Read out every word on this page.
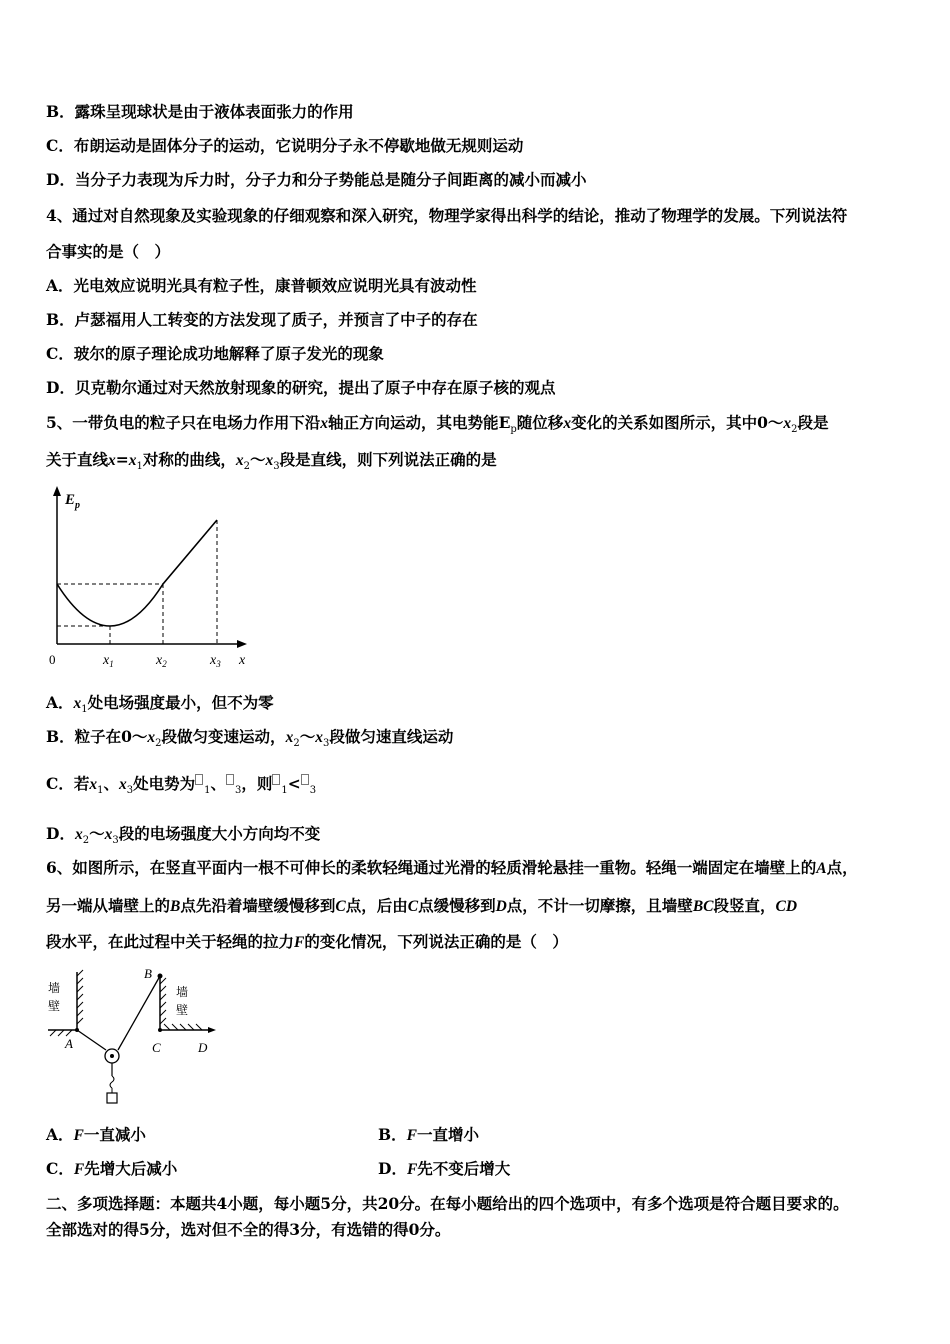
B．露珠呈现球状是由于液体表面张力的作用
C．布朗运动是固体分子的运动，它说明分子永不停歇地做无规则运动
D．当分子力表现为斥力时，分子力和分子势能总是随分子间距离的减小而减小
4、通过对自然现象及实验现象的仔细观察和深入研究，物理学家得出科学的结论，推动了物理学的发展。下列说法符
合事实的是（　）
A．光电效应说明光具有粒子性，康普顿效应说明光具有波动性
B．卢瑟福用人工转变的方法发现了质子，并预言了中子的存在
C．玻尔的原子理论成功地解释了原子发光的现象
D．贝克勒尔通过对天然放射现象的研究，提出了原子中存在原子核的观点
5、一带负电的粒子只在电场力作用下沿x轴正方向运动，其电势能$E_p$随位移x变化的关系如图所示，其中$0\sim x_2$段是
关于直线$x=x_1$对称的曲线，$x_2\sim x_3$段是直线，则下列说法正确的是
$E_p$
0	$x_1$	$x_2$	$x_3$ x
A．$x_1$处电场强度最小，但不为零
B．粒子在$0\sim x_2$段做匀变速运动，$x_2\sim x_3$段做匀速直线运动
C．若$x_1$、$x_3$处电势为 $_1$、 $_3$，则 $_1$< $_3$
D．$x_2\sim x_3$段的电场强度大小方向均不变
6、如图所示，在竖直平面内一根不可伸长的柔软轻绳通过光滑的轻质滑轮悬挂一重物。轻绳一端固定在墙壁上的A点，
另一端从墙壁上的B点先沿着墙壁缓慢移到C点，后由C点缓慢移到D点，不计一切摩擦，且墙壁BC段竖直，CD
段水平，在此过程中关于轻绳的拉力F的变化情况，下列说法正确的是（　）
墙
壁
墙
壁
A
B
C	D
A．F一直减小	B．F一直增小
C．F先增大后减小	D．F先不变后增大
二、多项选择题：本题共4小题，每小题5分，共20分。在每小题给出的四个选项中，有多个选项是符合题目要求的。
全部选对的得5分，选对但不全的得3分，有选错的得0分。
